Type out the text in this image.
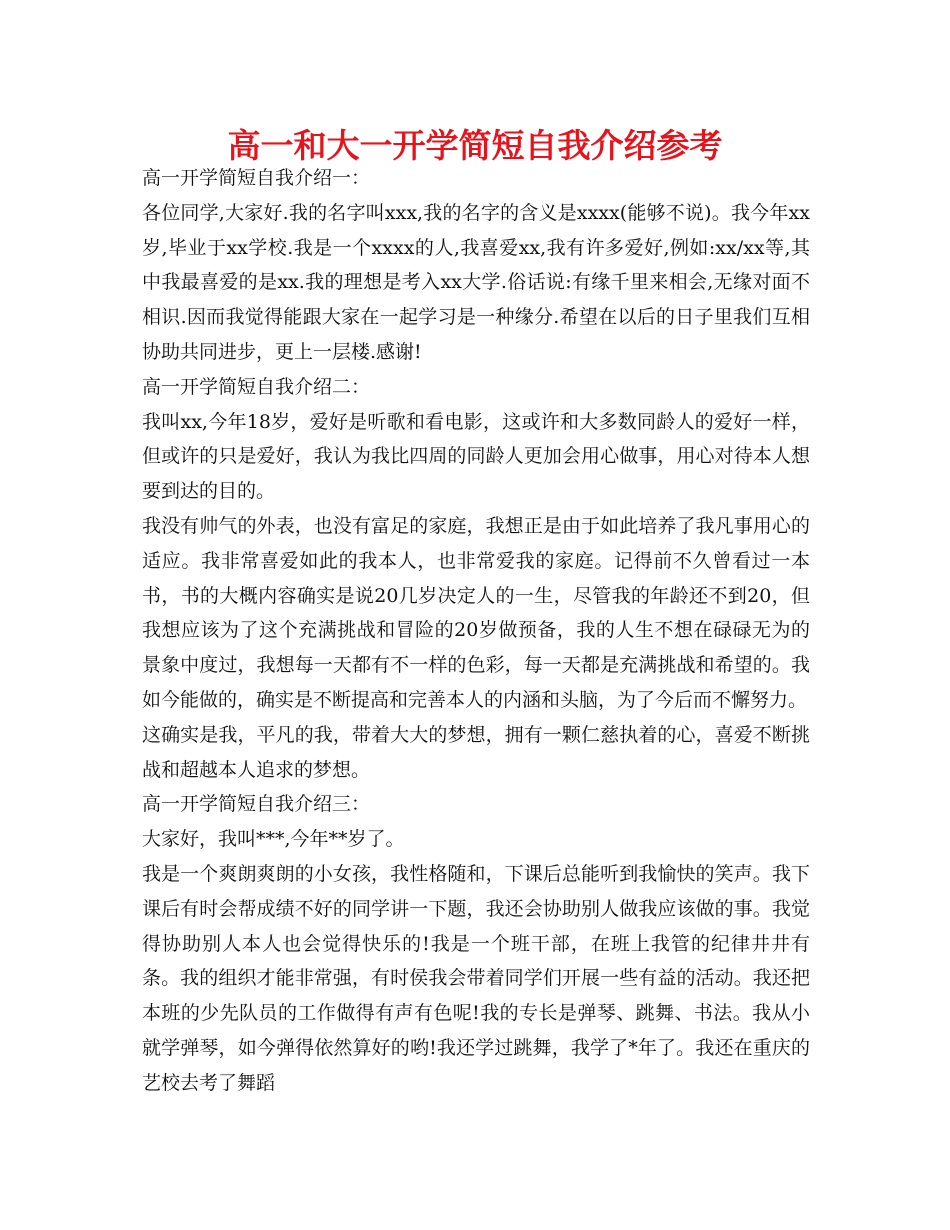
高一和大一开学简短自我介绍参考

高一开学简短自我介绍一：

各位同学,大家好.我的名字叫xxx,我的名字的含义是xxxx(能够不说)。我今年xx岁,毕业于xx学校.我是一个xxxx的人,我喜爱xx,我有许多爱好,例如:xx/xx等,其中我最喜爱的是xx.我的理想是考入xx大学.俗话说:有缘千里来相会,无缘对面不相识.因而我觉得能跟大家在一起学习是一种缘分.希望在以后的日子里我们互相协助共同进步，更上一层楼.感谢!

高一开学简短自我介绍二：

我叫xx,今年18岁，爱好是听歌和看电影，这或许和大多数同龄人的爱好一样，但或许的只是爱好，我认为我比四周的同龄人更加会用心做事，用心对待本人想要到达的目的。

我没有帅气的外表，也没有富足的家庭，我想正是由于如此培养了我凡事用心的适应。我非常喜爱如此的我本人，也非常爱我的家庭。记得前不久曾看过一本书，书的大概内容确实是说20几岁决定人的一生，尽管我的年龄还不到20，但我想应该为了这个充满挑战和冒险的20岁做预备，我的人生不想在碌碌无为的景象中度过，我想每一天都有不一样的色彩，每一天都是充满挑战和希望的。我如今能做的，确实是不断提高和完善本人的内涵和头脑，为了今后而不懈努力。

这确实是我，平凡的我，带着大大的梦想，拥有一颗仁慈执着的心，喜爱不断挑战和超越本人追求的梦想。

高一开学简短自我介绍三：

大家好，我叫***,今年**岁了。

我是一个爽朗爽朗的小女孩，我性格随和，下课后总能听到我愉快的笑声。我下课后有时会帮成绩不好的同学讲一下题，我还会协助别人做我应该做的事。我觉得协助别人本人也会觉得快乐的!我是一个班干部，在班上我管的纪律井井有条。我的组织才能非常强，有时侯我会带着同学们开展一些有益的活动。我还把本班的少先队员的工作做得有声有色呢!我的专长是弹琴、跳舞、书法。我从小就学弹琴，如今弹得依然算好的哟!我还学过跳舞，我学了*年了。我还在重庆的艺校去考了舞蹈
